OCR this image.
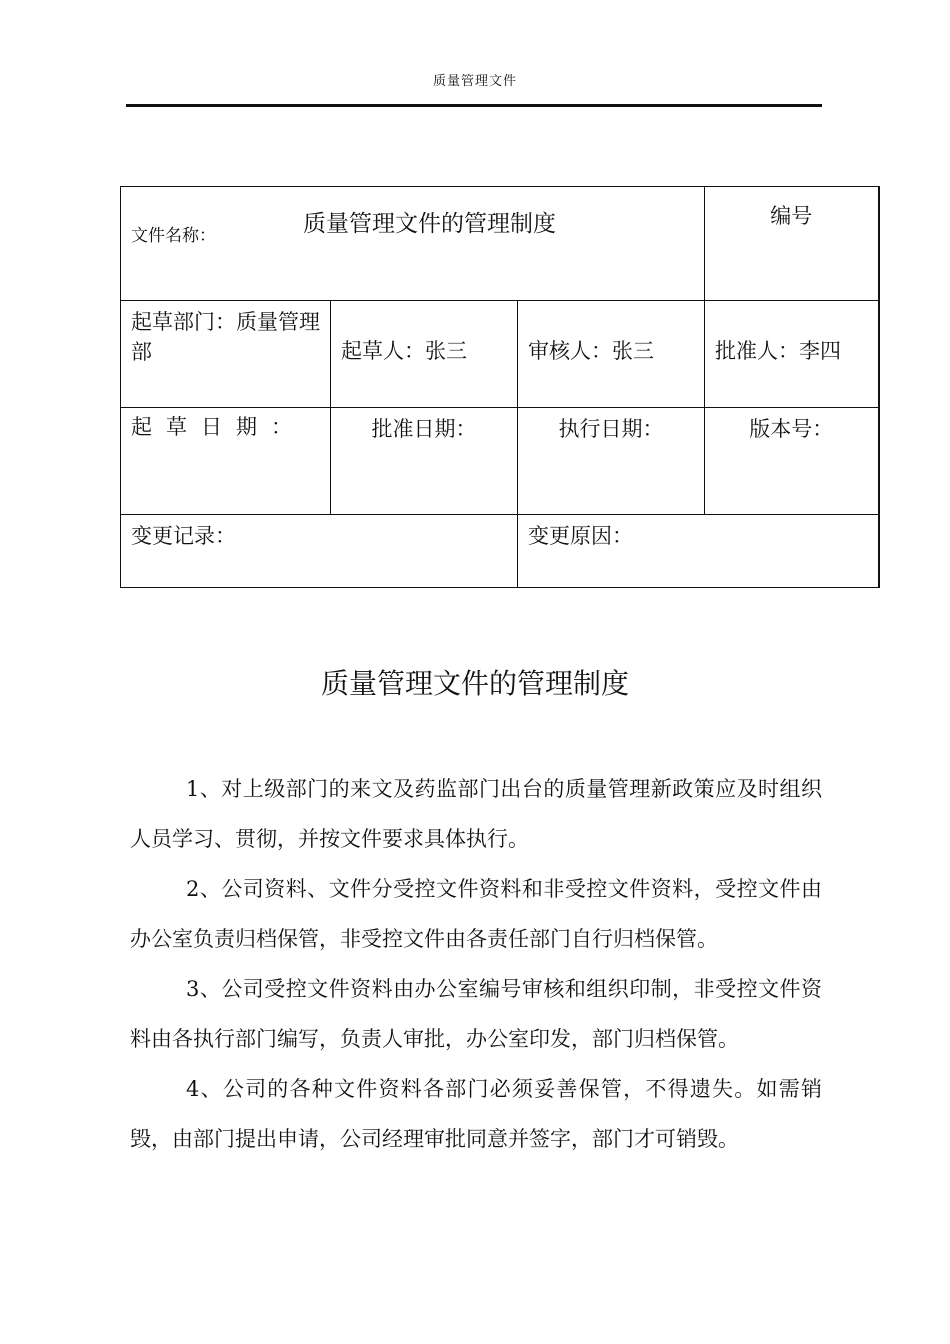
质量管理文件
文件名称： 质量管理文件的管理制度			编号

起草部门：质量管理部	起草人：张三	审核人：张三	批准人：李四
起草日期：	批准日期：	执行日期：	版本号：
变更记录：		变更原因：	
质量管理文件的管理制度

1、对上级部门的来文及药监部门出台的质量管理新政策应及时组织人员学习、贯彻，并按文件要求具体执行。

2、公司资料、文件分受控文件资料和非受控文件资料，受控文件由办公室负责归档保管，非受控文件由各责任部门自行归档保管。

3、公司受控文件资料由办公室编号审核和组织印制，非受控文件资料由各执行部门编写，负责人审批，办公室印发，部门归档保管。

4、公司的各种文件资料各部门必须妥善保管，不得遗失。如需销毁，由部门提出申请，公司经理审批同意并签字，部门才可销毁。
